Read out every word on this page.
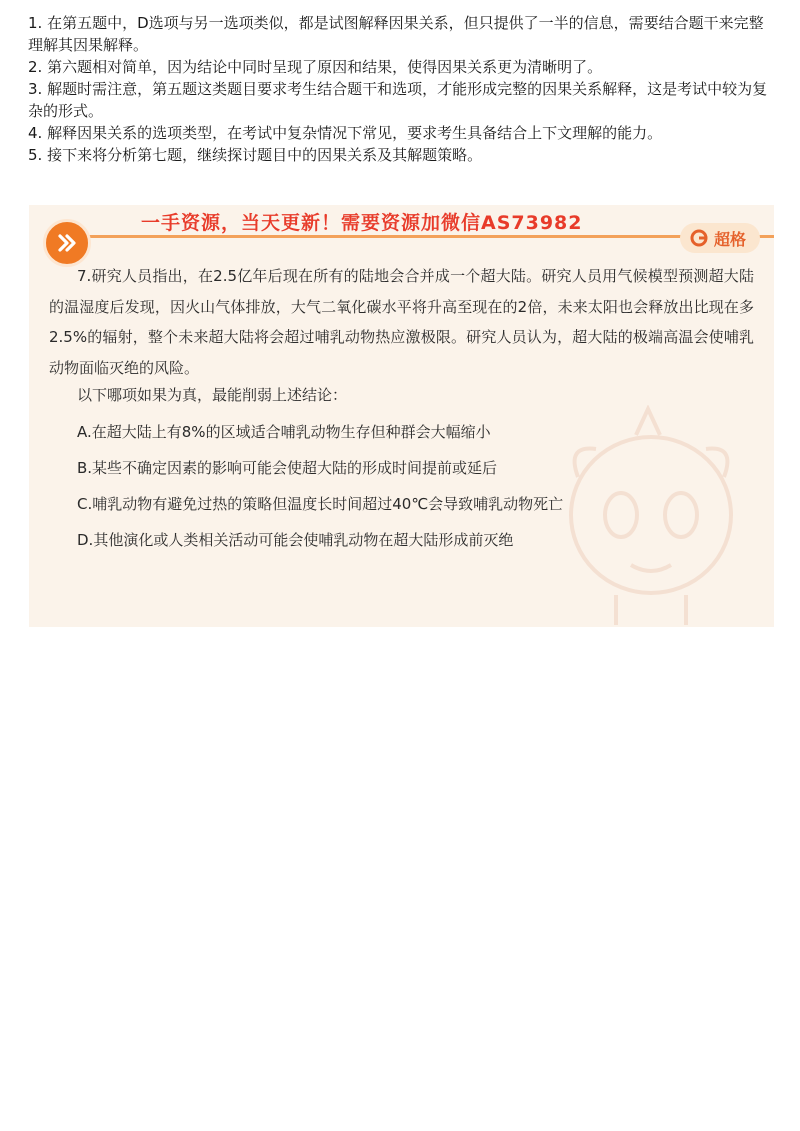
1. 在第五题中，D选项与另一选项类似，都是试图解释因果关系，但只提供了一半的信息，需要结合题干来完整理解其因果解释。
2. 第六题相对简单，因为结论中同时呈现了原因和结果，使得因果关系更为清晰明了。
3. 解题时需注意，第五题这类题目要求考生结合题干和选项，才能形成完整的因果关系解释，这是考试中较为复杂的形式。
4. 解释因果关系的选项类型，在考试中复杂情况下常见，要求考生具备结合上下文理解的能力。
5. 接下来将分析第七题，继续探讨题目中的因果关系及其解题策略。
一手资源，当天更新！需要资源加微信AS73982
超格

7.研究人员指出，在2.5亿年后现在所有的陆地会合并成一个超大陆。研究人员用气候模型预测超大陆的温湿度后发现，因火山气体排放，大气二氧化碳水平将升高至现在的2倍，未来太阳也会释放出比现在多2.5%的辐射，整个未来超大陆将会超过哺乳动物热应激极限。研究人员认为，超大陆的极端高温会使哺乳动物面临灭绝的风险。

以下哪项如果为真，最能削弱上述结论：

A.在超大陆上有8%的区域适合哺乳动物生存但种群会大幅缩小

B.某些不确定因素的影响可能会使超大陆的形成时间提前或延后

C.哺乳动物有避免过热的策略但温度长时间超过40℃会导致哺乳动物死亡

D.其他演化或人类相关活动可能会使哺乳动物在超大陆形成前灭绝
